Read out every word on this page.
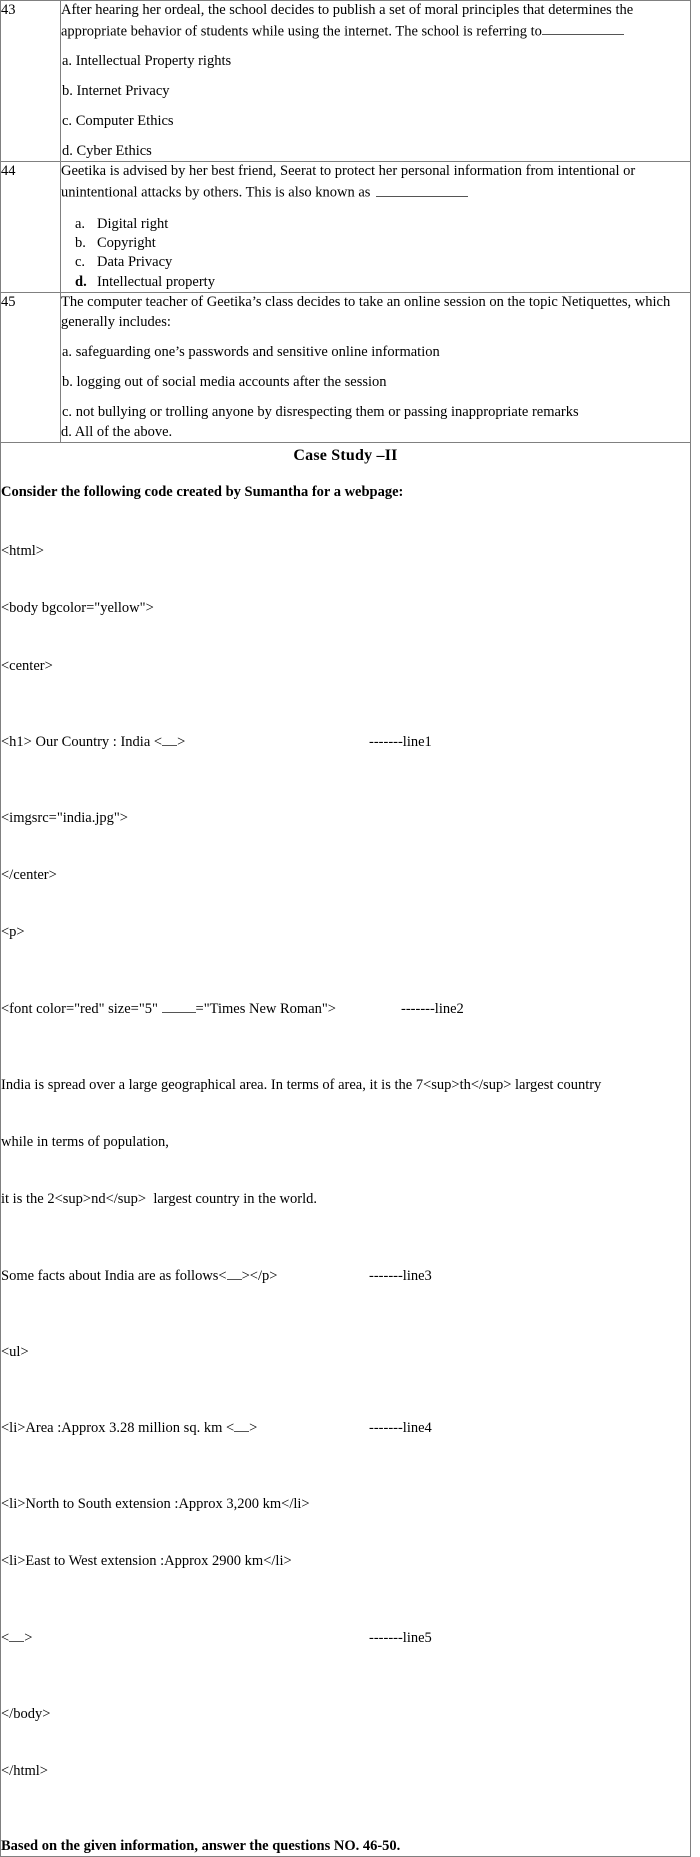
43	After hearing her ordeal, the school decides to publish a set of moral principles that determines the appropriate behavior of students while using the internet. The school is referring to
a. Intellectual Property rights
b. Internet Privacy
c. Computer Ethics
d. Cyber Ethics

44	Geetika is advised by her best friend, Seerat to protect her personal information from intentional or unintentional attacks by others. This is also known as
a. Digital right
b. Copyright
c. Data Privacy
d. Intellectual property

45	The computer teacher of Geetika’s class decides to take an online session on the topic Netiquettes, which generally includes:
a. safeguarding one’s passwords and sensitive online information
b. logging out of social media accounts after the session
c. not bullying or trolling anyone by disrespecting them or passing inappropriate remarks
d. All of the above.

Case Study –II
Consider the following code created by Sumantha for a webpage:

<html>

<body bgcolor="yellow">

<center>

<h1> Our Country : India < >	-------line1

<imgsrc="india.jpg">

</center>

<p>

<font color="red" size="5" ="Times New Roman">	-------line2

India is spread over a large geographical area. In terms of area, it is the 7<sup>th</sup> largest country

while in terms of population,

it is the 2<sup>nd</sup>  largest country in the world.

Some facts about India are as follows< ></p>	-------line3

<ul>

<li>Area :Approx 3.28 million sq. km < >	-------line4

<li>North to South extension :Approx 3,200 km</li>

<li>East to West extension :Approx 2900 km</li>

< >	-------line5

</body>

</html>

Based on the given information, answer the questions NO. 46-50.
